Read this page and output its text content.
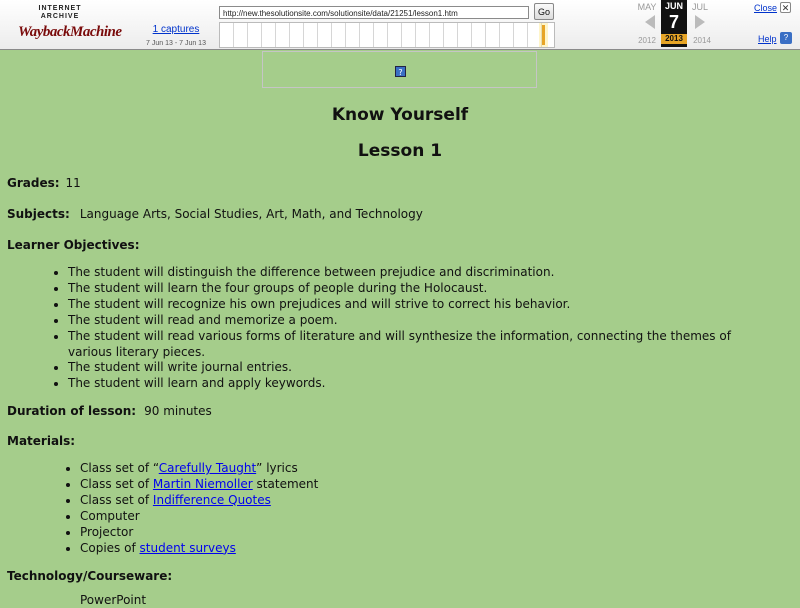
INTERNET ARCHIVE
WaybackMachine	1 captures
7 Jun 13 - 7 Jun 13
http://new.thesolutionsite.com/solutionsite/data/21251/lesson1.htm	Go	MAY JUN
7
2013
JUL
2012	2014
Close ✕
Help ?
?
Know Yourself
Lesson 1
Grades: 11
Subjects: Language Arts, Social Studies, Art, Math, and Technology
Learner Objectives:
• The student will distinguish the difference between prejudice and discrimination.
• The student will learn the four groups of people during the Holocaust.
• The student will recognize his own prejudices and will strive to correct his behavior.
• The student will read and memorize a poem.
• The student will read various forms of literature and will synthesize the information, connecting the themes of various literary pieces.
• The student will write journal entries.
• The student will learn and apply keywords.
Duration of lesson: 90 minutes
Materials:
• Class set of “Carefully Taught” lyrics
• Class set of Martin Niemoller statement
• Class set of Indifference Quotes
• Computer
• Projector
• Copies of student surveys
Technology/Courseware:
PowerPoint
